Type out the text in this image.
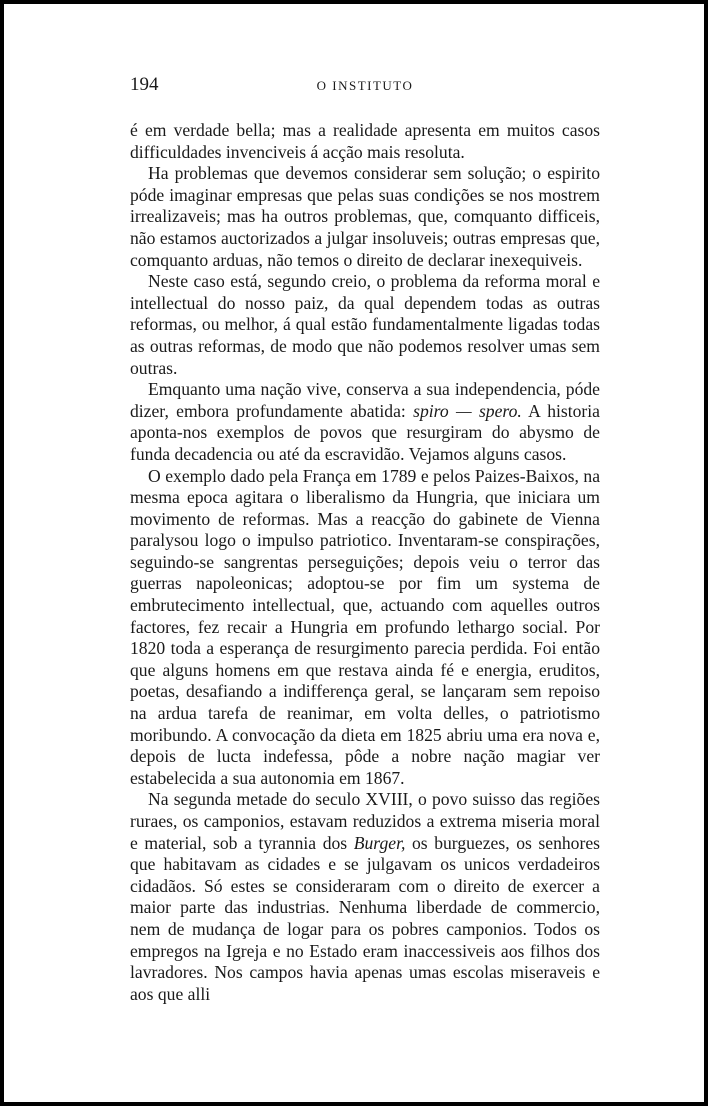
194	O INSTITUTO

é em verdade bella; mas a realidade apresenta em muitos casos difficuldades invenciveis á acção mais resoluta.

Ha problemas que devemos considerar sem solução; o espirito póde imaginar empresas que pelas suas condições se nos mostrem irrealizaveis; mas ha outros problemas, que, comquanto difficeis, não estamos auctorizados a julgar insoluveis; outras empresas que, comquanto arduas, não temos o direito de declarar inexequiveis.

Neste caso está, segundo creio, o problema da reforma moral e intellectual do nosso paiz, da qual dependem todas as outras reformas, ou melhor, á qual estão fundamentalmente ligadas todas as outras reformas, de modo que não podemos resolver umas sem outras.

Emquanto uma nação vive, conserva a sua independencia, póde dizer, embora profundamente abatida: spiro — spero. A historia aponta-nos exemplos de povos que resurgiram do abysmo de funda decadencia ou até da escravidão. Vejamos alguns casos.

O exemplo dado pela França em 1789 e pelos Paizes-Baixos, na mesma epoca agitara o liberalismo da Hungria, que iniciara um movimento de reformas. Mas a reacção do gabinete de Vienna paralysou logo o impulso patriotico. Inventaram-se conspirações, seguindo-se sangrentas perseguições; depois veiu o terror das guerras napoleonicas; adoptou-se por fim um systema de embrutecimento intellectual, que, actuando com aquelles outros factores, fez recair a Hungria em profundo lethargo social. Por 1820 toda a esperança de resurgimento parecia perdida. Foi então que alguns homens em que restava ainda fé e energia, eruditos, poetas, desafiando a indifferença geral, se lançaram sem repoiso na ardua tarefa de reanimar, em volta delles, o patriotismo moribundo. A convocação da dieta em 1825 abriu uma era nova e, depois de lucta indefessa, pôde a nobre nação magiar ver estabelecida a sua autonomia em 1867.

Na segunda metade do seculo XVIII, o povo suisso das regiões ruraes, os camponios, estavam reduzidos a extrema miseria moral e material, sob a tyrannia dos Burger, os burguezes, os senhores que habitavam as cidades e se julgavam os unicos verdadeiros cidadãos. Só estes se consideraram com o direito de exercer a maior parte das industrias. Nenhuma liberdade de commercio, nem de mudança de logar para os pobres camponios. Todos os empregos na Igreja e no Estado eram inaccessiveis aos filhos dos lavradores. Nos campos havia apenas umas escolas miseraveis e aos que alli
